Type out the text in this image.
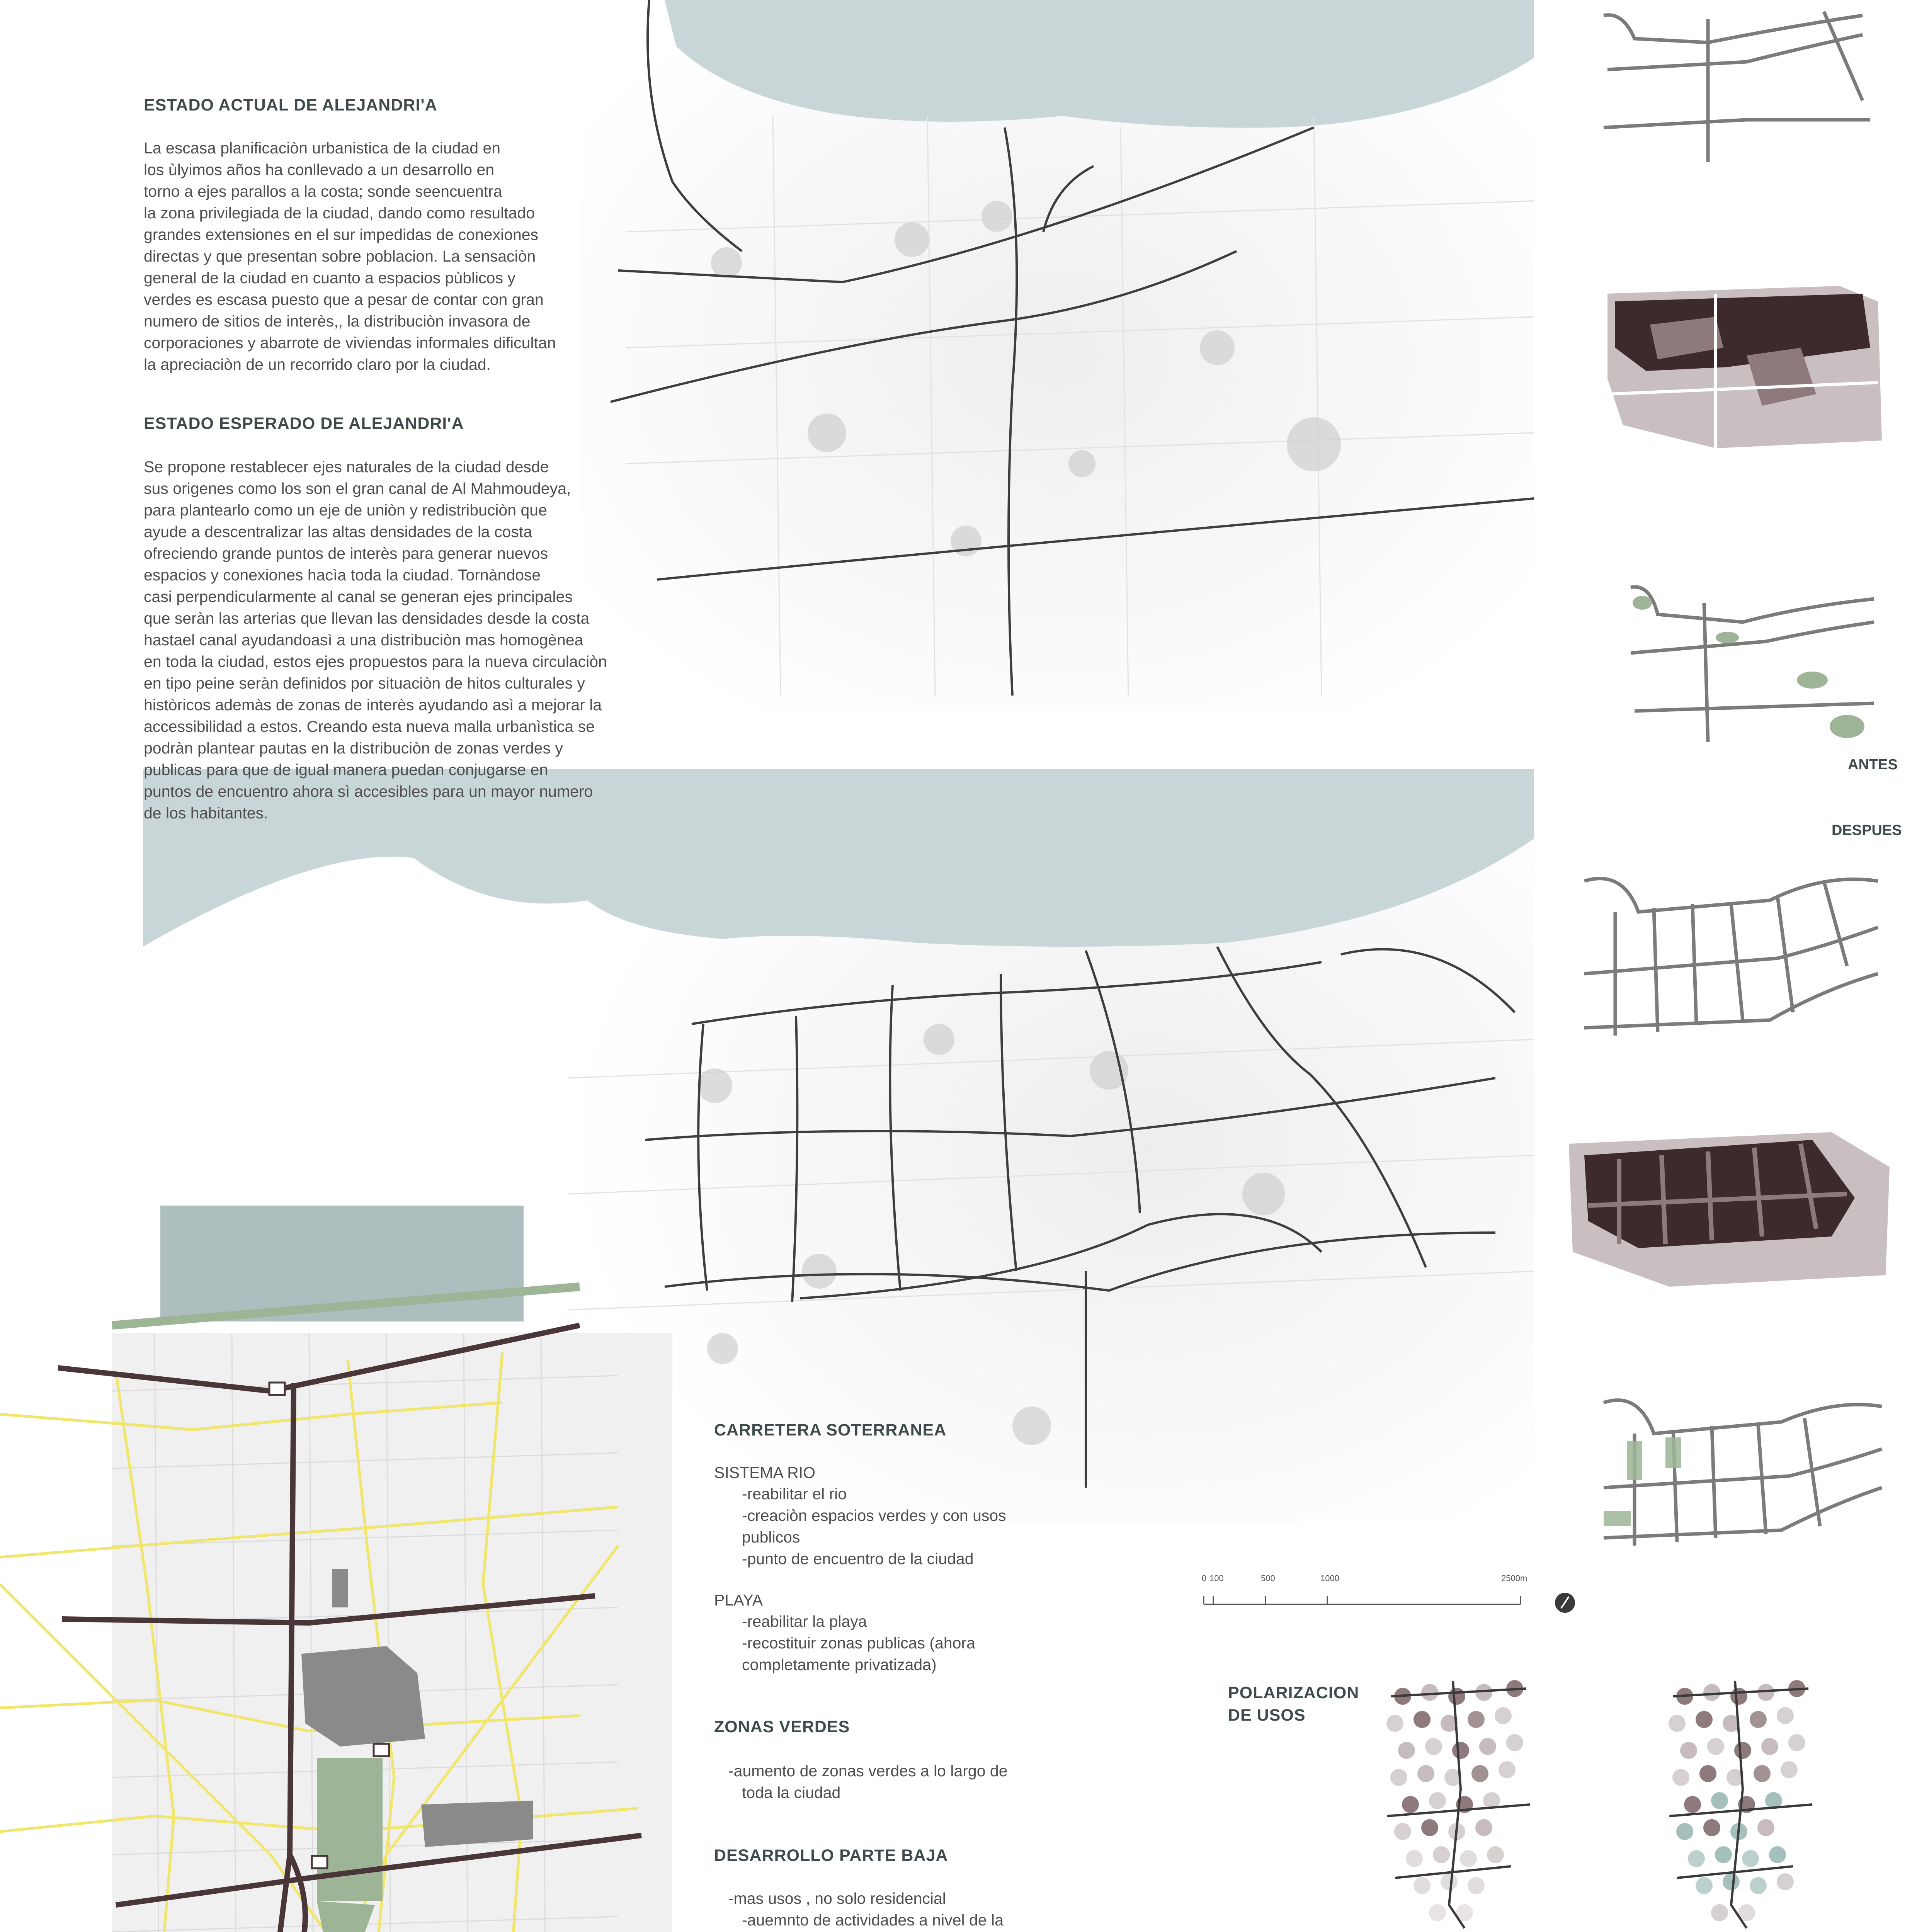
ESTADO ACTUAL DE ALEJANDRI'A
La escasa planificaciòn urbanistica de la ciudad en
los ùlyimos años ha conllevado a un desarrollo en
torno a ejes parallos a la costa; sonde seencuentra
la zona privilegiada de la ciudad, dando como resultado
grandes extensiones en el sur impedidas de conexiones
directas y que presentan sobre poblacion. La sensaciòn
general de la ciudad en cuanto a espacios pùblicos y
verdes es escasa puesto que a pesar de contar con gran
numero de sitios de interès,, la distribuciòn invasora de
corporaciones y abarrote de viviendas informales dificultan
la apreciaciòn de un recorrido claro por la ciudad.
ESTADO ESPERADO DE ALEJANDRI'A
Se propone restablecer ejes naturales de la ciudad desde
sus origenes como los son el gran canal de Al Mahmoudeya,
para plantearlo como un eje de uniòn y redistribuciòn que
ayude a descentralizar las altas densidades de la costa
ofreciendo grande puntos de interès para generar nuevos
espacios y conexiones hacìa toda la ciudad. Tornàndose
casi perpendicularmente al canal se generan ejes principales
que seràn las arterias que llevan las densidades desde la costa
hastael canal ayudandoasì a una distribuciòn mas homogènea
en toda la ciudad, estos ejes propuestos para la nueva circulaciòn
en tipo peine seràn definidos por situaciòn de hitos culturales y
històricos ademàs de zonas de interès ayudando asì a mejorar la
accessibilidad a estos. Creando esta nueva malla urbanìstica se
podràn plantear pautas en la distribuciòn de zonas verdes y
publicas para que de igual manera puedan conjugarse en
puntos de encuentro ahora sì accesibles para un mayor numero
de los habitantes.
ANTES
DESPUES
0 100	500	1000	2500m
CARRETERA SOTERRANEA
SISTEMA RIO
-reabilitar el rio
-creaciòn espacios verdes y con usos
publicos
-punto de encuentro de la ciudad
PLAYA
-reabilitar la playa
-recostituir zonas publicas (ahora
completamente privatizada)
ZONAS VERDES
-aumento de zonas verdes a lo largo de
toda la ciudad
DESARROLLO PARTE BAJA
-mas usos , no solo residencial
-auemnto de actividades a nivel de la
POLARIZACION
DE USOS
